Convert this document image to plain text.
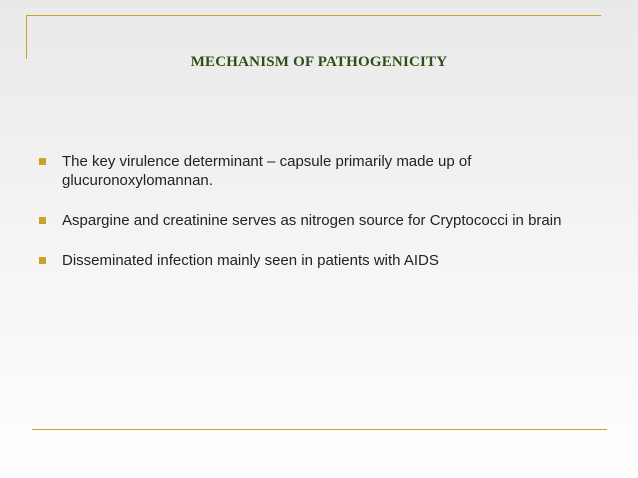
MECHANISM OF PATHOGENICITY
The key virulence determinant – capsule primarily made up of glucuronoxylomannan.
Aspargine and creatinine serves as nitrogen source for Cryptococci in brain
Disseminated infection mainly seen in patients with AIDS
